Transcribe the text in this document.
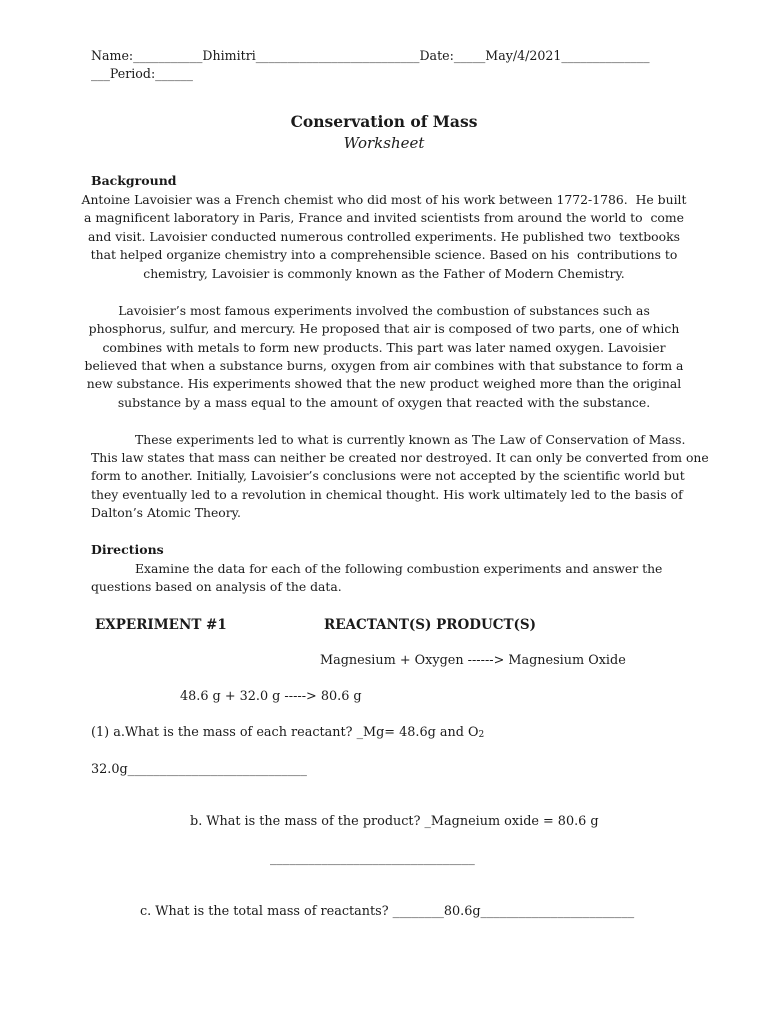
Name:___________Dhimitri__________________________Date:_____May/4/2021______________
___Period:______
Conservation of Mass
Worksheet
Background
Antoine Lavoisier was a French chemist who did most of his work between 1772-1786.  He built
a magnificent laboratory in Paris, France and invited scientists from around the world to  come
and visit. Lavoisier conducted numerous controlled experiments. He published two  textbooks
that helped organize chemistry into a comprehensible science. Based on his  contributions to
chemistry, Lavoisier is commonly known as the Father of Modern Chemistry.
Lavoisier’s most famous experiments involved the combustion of substances such as
phosphorus, sulfur, and mercury. He proposed that air is composed of two parts, one of which
combines with metals to form new products. This part was later named oxygen. Lavoisier
believed that when a substance burns, oxygen from air combines with that substance to form a
new substance. His experiments showed that the new product weighed more than the original
substance by a mass equal to the amount of oxygen that reacted with the substance.
These experiments led to what is currently known as The Law of Conservation of Mass.
This law states that mass can neither be created nor destroyed. It can only be converted from one
form to another. Initially, Lavoisier’s conclusions were not accepted by the scientific world but
they eventually led to a revolution in chemical thought. His work ultimately led to the basis of
Dalton’s Atomic Theory.
Directions
Examine the data for each of the following combustion experiments and answer the
questions based on analysis of the data.
EXPERIMENT #1	REACTANT(S) PRODUCT(S)
Magnesium + Oxygen ------> Magnesium Oxide
48.6 g + 32.0 g -----> 80.6 g
(1) a.What is the mass of each reactant? _Mg= 48.6g and $O_2$
32.0g____________________________
b. What is the mass of the product? _Magneium oxide = 80.6 g
________________________________
c. What is the total mass of reactants? ________80.6g________________________
